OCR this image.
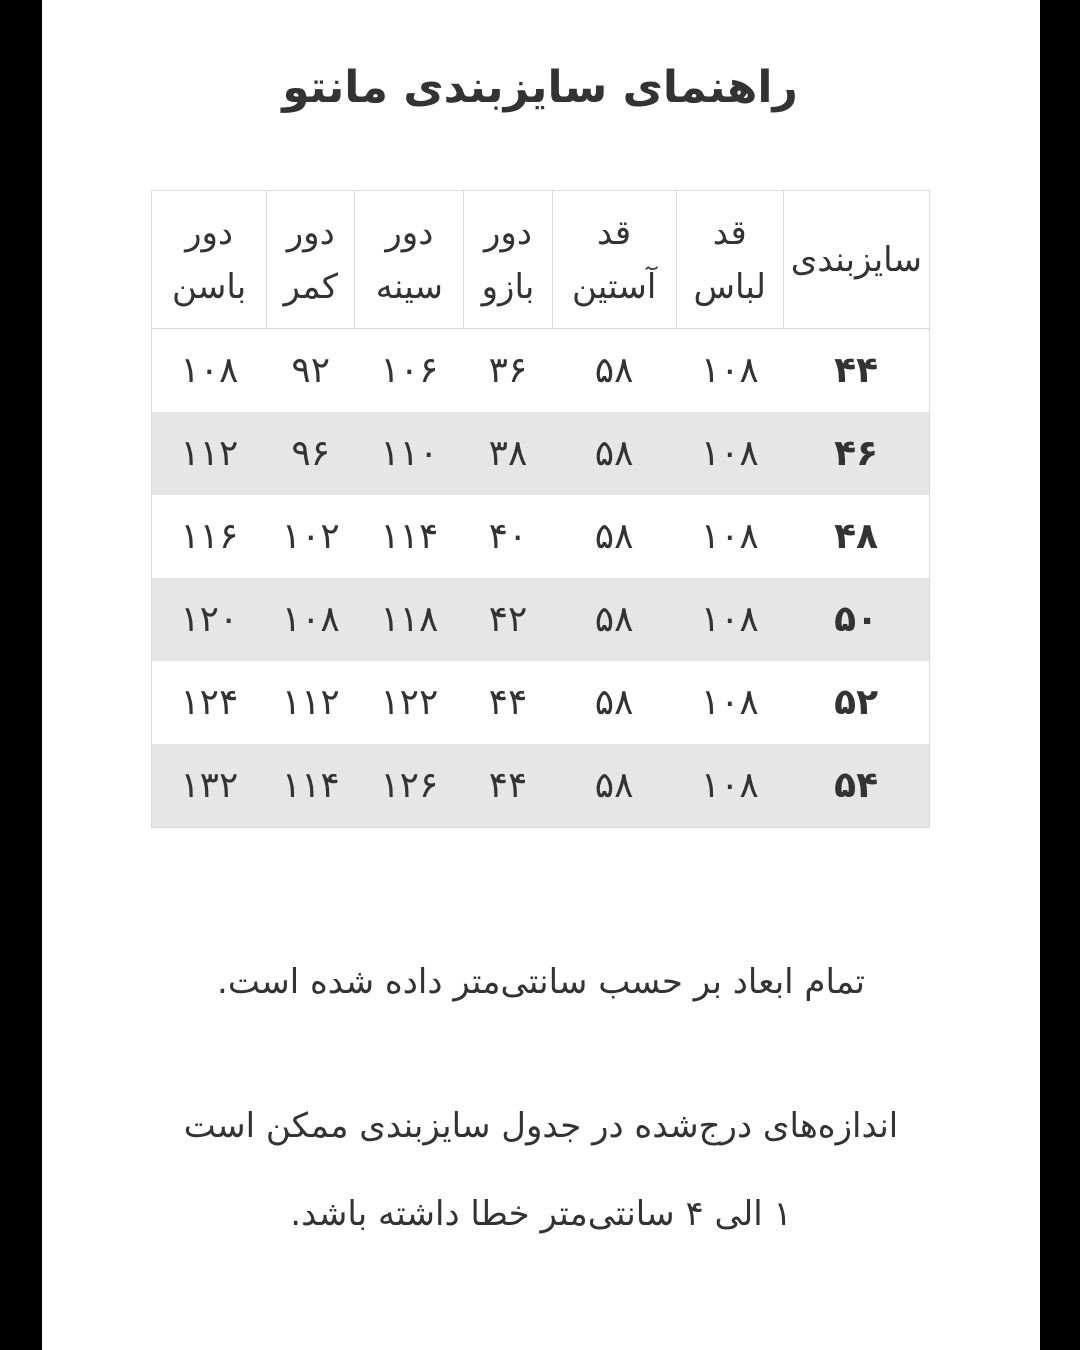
راهنمای سایزبندی مانتو
سایزبندی	قد لباس	قد آستین	دور بازو	دور سینه	دور کمر	دور باسن
۴۴	۱۰۸	۵۸	۳۶	۱۰۶	۹۲	۱۰۸
۴۶	۱۰۸	۵۸	۳۸	۱۱۰	۹۶	۱۱۲
۴۸	۱۰۸	۵۸	۴۰	۱۱۴	۱۰۲	۱۱۶
۵۰	۱۰۸	۵۸	۴۲	۱۱۸	۱۰۸	۱۲۰
۵۲	۱۰۸	۵۸	۴۴	۱۲۲	۱۱۲	۱۲۴
۵۴	۱۰۸	۵۸	۴۴	۱۲۶	۱۱۴	۱۳۲
تمام ابعاد بر حسب سانتی‌متر داده شده است.
اندازه‌های درج‌شده در جدول سایزبندی ممکن است
۱ الی ۴ سانتی‌متر خطا داشته باشد.
